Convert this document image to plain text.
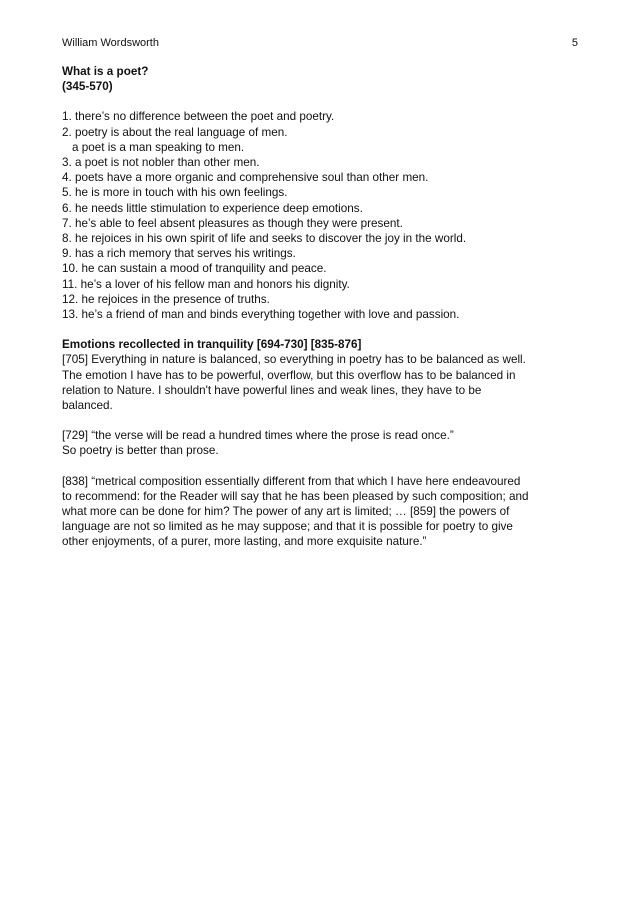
William Wordsworth	5

What is a poet?

(345-570)

1. there’s no difference between the poet and poetry.

2. poetry is about the real language of men.

a poet is a man speaking to men.

3. a poet is not nobler than other men.

4. poets have a more organic and comprehensive soul than other men.

5. he is more in touch with his own feelings.

6. he needs little stimulation to experience deep emotions.

7. he’s able to feel absent pleasures as though they were present.

8. he rejoices in his own spirit of life and seeks to discover the joy in the world.

9. has a rich memory that serves his writings.

10. he can sustain a mood of tranquility and peace.

11. he’s a lover of his fellow man and honors his dignity.

12. he rejoices in the presence of truths.

13. he’s a friend of man and binds everything together with love and passion.

Emotions recollected in tranquility [694-730] [835-876]

[705] Everything in nature is balanced, so everything in poetry has to be balanced as well.

The emotion I have has to be powerful, overflow, but this overflow has to be balanced in

relation to Nature. I shouldn't have powerful lines and weak lines, they have to be

balanced.

[729] “the verse will be read a hundred times where the prose is read once.”

So poetry is better than prose.

[838] “metrical composition essentially different from that which I have here endeavoured

to recommend: for the Reader will say that he has been pleased by such composition; and

what more can be done for him? The power of any art is limited; … [859] the powers of

language are not so limited as he may suppose; and that it is possible for poetry to give

other enjoyments, of a purer, more lasting, and more exquisite nature.”
